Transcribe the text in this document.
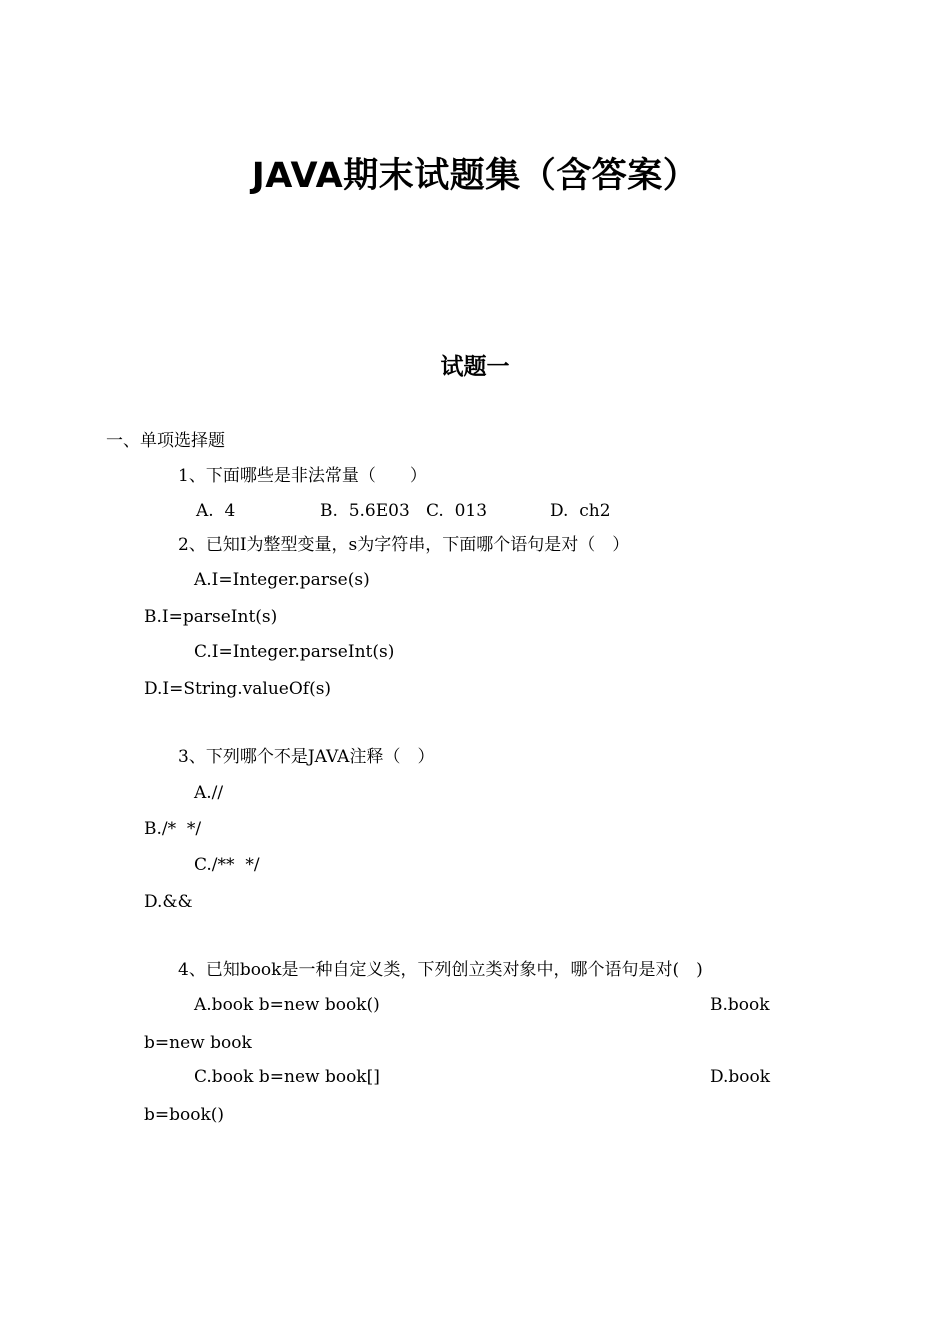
JAVA期末试题集（含答案）
试题一
一、单项选择题
1、下面哪些是非法常量（　　）
A.  4	B.  5.6E03 C.  013	D.  ch2
2、已知I为整型变量，s为字符串，下面哪个语句是对（　）
A.I=Integer.parse(s)
B.I=parseInt(s)
C.I=Integer.parseInt(s)
D.I=String.valueOf(s)
3、下列哪个不是JAVA注释（　）
A.//
B./*  */
C./**  */
D.&&
4、已知book是一种自定义类，下列创立类对象中，哪个语句是对(　)
A.book b=new book()	B.book
b=new book
C.book b=new book[]	D.book
b=book()
